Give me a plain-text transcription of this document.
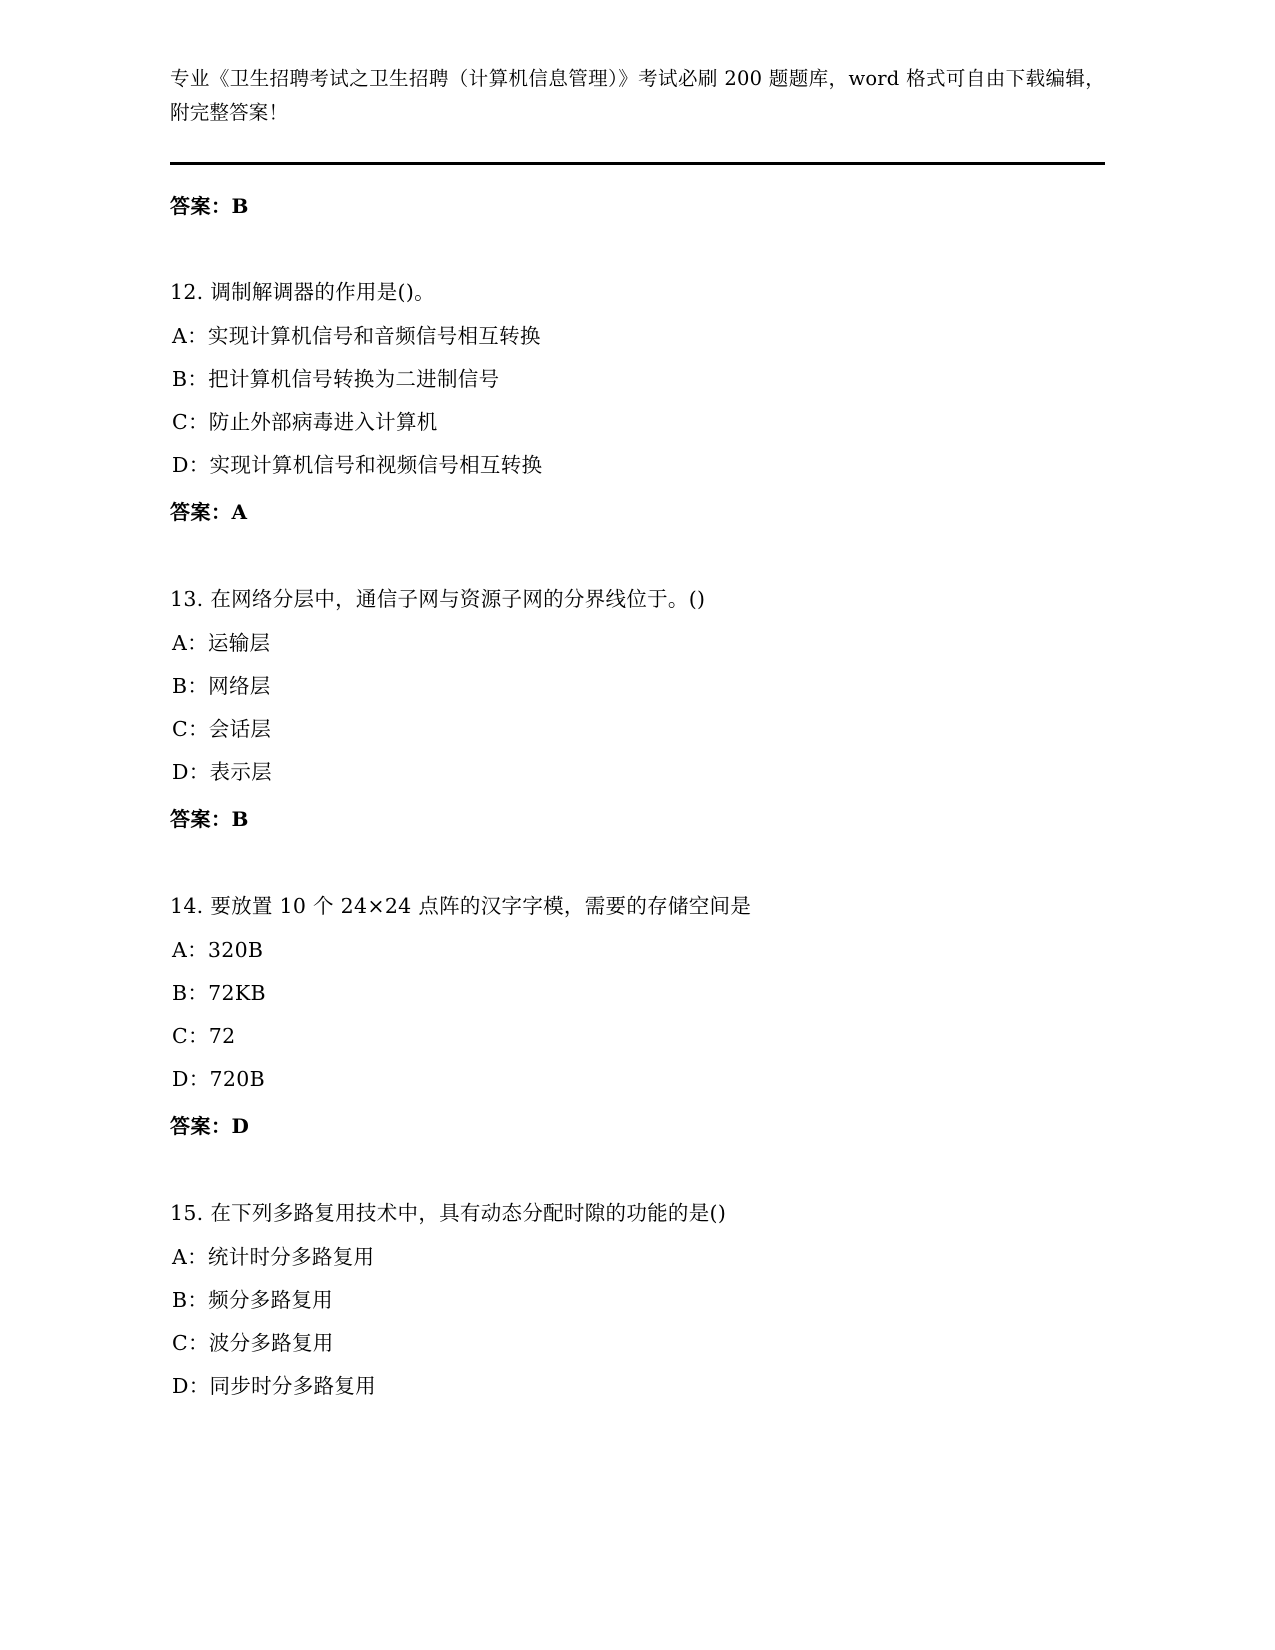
专业《卫生招聘考试之卫生招聘（计算机信息管理）》考试必刷 200 题题库，word 格式可自由下载编辑，附完整答案！

答案：B

12. 调制解调器的作用是()。

A：实现计算机信号和音频信号相互转换

B：把计算机信号转换为二进制信号

C：防止外部病毒进入计算机

D：实现计算机信号和视频信号相互转换

答案：A

13. 在网络分层中，通信子网与资源子网的分界线位于。()

A：运输层

B：网络层

C：会话层

D：表示层

答案：B

14. 要放置 10 个 24×24 点阵的汉字字模，需要的存储空间是

A：320B

B：72KB

C：72

D：720B

答案：D

15. 在下列多路复用技术中，具有动态分配时隙的功能的是()

A：统计时分多路复用

B：频分多路复用

C：波分多路复用

D：同步时分多路复用
